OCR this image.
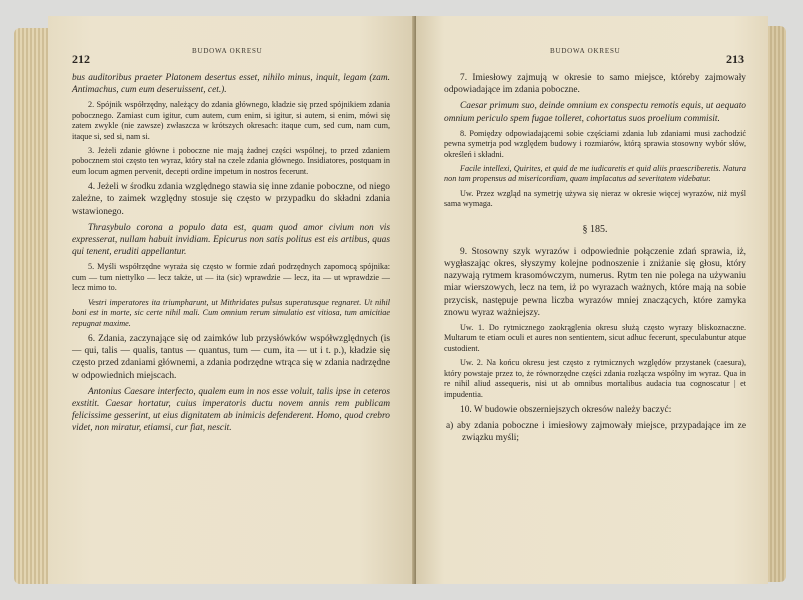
212
BUDOWA OKRESU

bus auditoribus praeter Platonem desertus esset, nihilo minus, inquit, legam (zam. Antimachus, cum eum deseruissent, cet.).

2. Spójnik współrzędny, należący do zdania głównego, kładzie się przed spójnikiem zdania pobocznego. Zamiast cum igitur, cum autem, cum enim, si igitur, si autem, si enim, mówi się zatem zwykle (nie zawsze) zwłaszcza w krótszych okresach: itaque cum, sed cum, nam cum, itaque si, sed si, nam si.

3. Jeżeli zdanie główne i poboczne nie mają żadnej części wspólnej, to przed zdaniem pobocznem stoi często ten wyraz, który stał na czele zdania głównego. Insidiatores, postquam in eum locum agmen pervenit, decepti ordine impetum in nostros fecerunt.

4. Jeżeli w środku zdania względnego stawia się inne zdanie poboczne, od niego zależne, to zaimek względny stosuje się często w przypadku do składni zdania wstawionego.

Thrasybulo corona a populo data est, quam quod amor civium non vis expresserat, nullam habuit invidiam. Epicurus non satis politus est eis artibus, quas qui tenent, eruditi appellantur.

5. Myśli współrzędne wyraża się często w formie zdań podrzędnych zapomocą spójnika: cum — tum niettylko — lecz także, ut — ita (sic) wprawdzie — lecz, ita — ut wprawdzie — lecz mimo to.

Vestri imperatores ita triumpharunt, ut Mithridates pulsus superatusque regnaret. Ut nihil boni est in morte, sic certe nihil mali. Cum omnium rerum simulatio est vitiosa, tum amicitiae repugnat maxime.

6. Zdania, zaczynające się od zaimków lub przysłówków współwzględnych (is — qui, talis — qualis, tantus — quantus, tum — cum, ita — ut i t. p.), kładzie się często przed zdaniami głównemi, a zdania podrzędne wtrąca się w zdania nadrzędne w odpowiednich miejscach.

Antonius Caesare interfecto, qualem eum in nos esse voluit, talis ipse in ceteros exstitit. Caesar hortatur, cuius imperatoris ductu novem annis rem publicam felicissime gesserint, ut eius dignitatem ab inimicis defenderent. Homo, quod crebro videt, non miratur, etiamsi, cur fiat, nescit.

BUDOWA OKRESU
213

7. Imiesłowy zajmują w okresie to samo miejsce, któreby zajmowały odpowiadające im zdania poboczne.

Caesar primum suo, deinde omnium ex conspectu remotis equis, ut aequato omnium periculo spem fugae tolleret, cohortatus suos proelium commisit.

8. Pomiędzy odpowiadającemi sobie częściami zdania lub zdaniami musi zachodzić pewna symetrja pod względem budowy i rozmiarów, którą sprawia stosowny wybór słów, określeń i składni.

Facile intellexi, Quirites, et quid de me iudicaretis et quid aliis praescriberetis. Natura non tam propensus ad misericordiam, quam implacatus ad severitatem videbatur.

Uw. Przez wzgląd na symetrję używa się nieraz w okresie więcej wyrazów, niż myśl sama wymaga.

§ 185.

9. Stosowny szyk wyrazów i odpowiednie połączenie zdań sprawia, iż, wygłaszając okres, słyszymy kolejne podnoszenie i zniżanie się głosu, który nazywają rytmem krasomówczym, numerus. Rytm ten nie polega na używaniu miar wierszowych, lecz na tem, iż po wyrazach ważnych, które mają na sobie przycisk, następuje pewna liczba wyrazów mniej znaczących, które zamyka znowu wyraz ważniejszy.

Uw. 1. Do rytmicznego zaokrąglenia okresu służą często wyrazy bliskoznaczne. Multarum te etiam oculi et aures non sentientem, sicut adhuc fecerunt, speculabuntur atque custodient.

Uw. 2. Na końcu okresu jest często z rytmicznych względów przystanek (caesura), który powstaje przez to, że równorzędne części zdania rozłącza wspólny im wyraz. Qua in re nihil aliud assequeris, nisi ut ab omnibus mortalibus audacia tua cognoscatur | et impudentia.

10. W budowie obszerniejszych okresów należy baczyć:

a) aby zdania poboczne i imiesłowy zajmowały miejsce, przypadające im ze związku myśli;
